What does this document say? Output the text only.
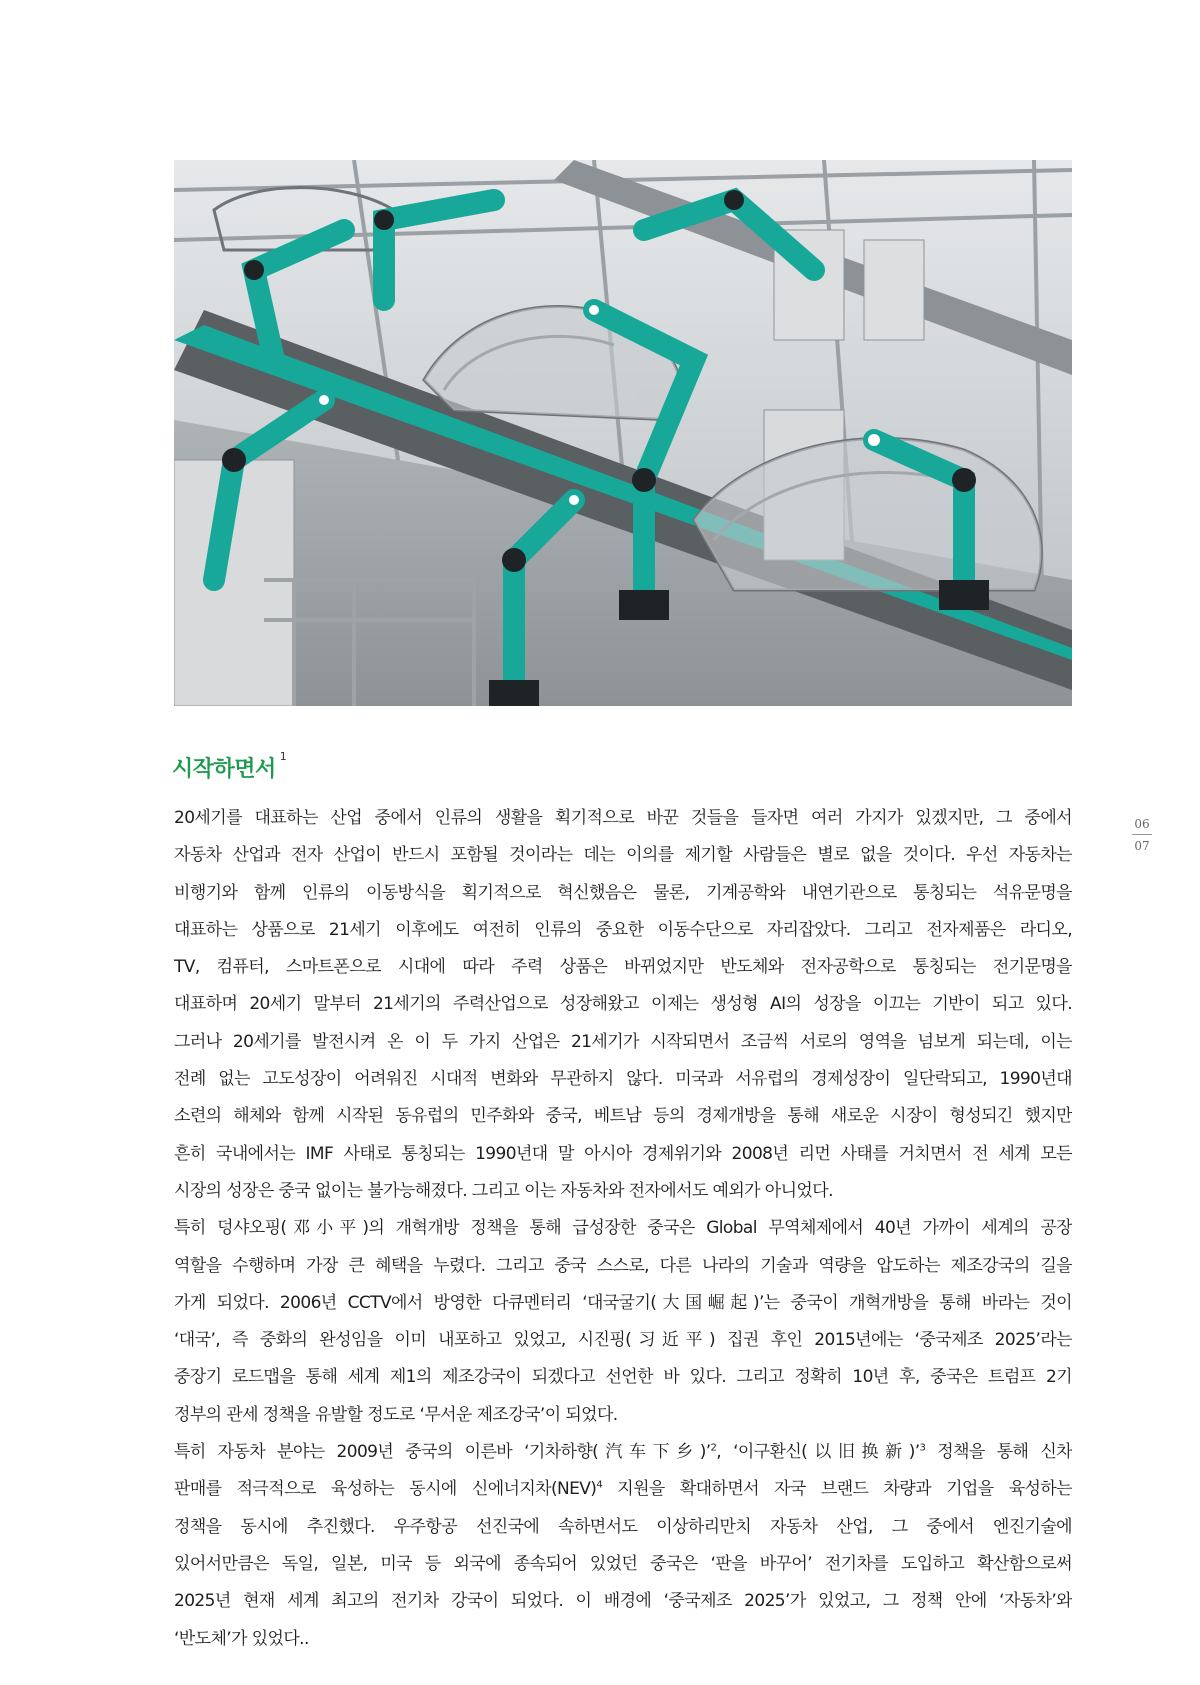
시작하면서$^1$
06
07

20세기를 대표하는 산업 중에서 인류의 생활을 획기적으로 바꾼 것들을 들자면 여러 가지가 있겠지만, 그 중에서

자동차 산업과 전자 산업이 반드시 포함될 것이라는 데는 이의를 제기할 사람들은 별로 없을 것이다. 우선 자동차는

비행기와 함께 인류의 이동방식을 획기적으로 혁신했음은 물론, 기계공학와 내연기관으로 통칭되는 석유문명을

대표하는 상품으로 21세기 이후에도 여전히 인류의 중요한 이동수단으로 자리잡았다. 그리고 전자제품은 라디오,

TV, 컴퓨터, 스마트폰으로 시대에 따라 주력 상품은 바뀌었지만 반도체와 전자공학으로 통칭되는 전기문명을

대표하며 20세기 말부터 21세기의 주력산업으로 성장해왔고 이제는 생성형 AI의 성장을 이끄는 기반이 되고 있다.

그러나 20세기를 발전시켜 온 이 두 가지 산업은 21세기가 시작되면서 조금씩 서로의 영역을 넘보게 되는데, 이는

전례 없는 고도성장이 어려워진 시대적 변화와 무관하지 않다. 미국과 서유럽의 경제성장이 일단락되고, 1990년대

소련의 해체와 함께 시작된 동유럽의 민주화와 중국, 베트남 등의 경제개방을 통해 새로운 시장이 형성되긴 했지만

흔히 국내에서는 IMF 사태로 통칭되는 1990년대 말 아시아 경제위기와 2008년 리먼 사태를 거치면서 전 세계 모든

시장의 성장은 중국 없이는 불가능해졌다. 그리고 이는 자동차와 전자에서도 예외가 아니었다.

특히 덩샤오핑(邓小平)의 개혁개방 정책을 통해 급성장한 중국은 Global 무역체제에서 40년 가까이 세계의 공장

역할을 수행하며 가장 큰 혜택을 누렸다. 그리고 중국 스스로, 다른 나라의 기술과 역량을 압도하는 제조강국의 길을

가게 되었다. 2006년 CCTV에서 방영한 다큐멘터리 ‘대국굴기(大国崛起)’는 중국이 개혁개방을 통해 바라는 것이

‘대국’, 즉 중화의 완성임을 이미 내포하고 있었고, 시진핑(习近平) 집권 후인 2015년에는 ‘중국제조 2025’라는

중장기 로드맵을 통해 세계 제1의 제조강국이 되겠다고 선언한 바 있다. 그리고 정확히 10년 후, 중국은 트럼프 2기

정부의 관세 정책을 유발할 정도로 ‘무서운 제조강국’이 되었다.

특히 자동차 분야는 2009년 중국의 이른바 ‘기차하향(汽车下乡)’$^2$, ‘이구환신(以旧换新)’$^3$ 정책을 통해 신차

판매를 적극적으로 육성하는 동시에 신에너지차(NEV)$^4$ 지원을 확대하면서 자국 브랜드 차량과 기업을 육성하는

정책을 동시에 추진했다. 우주항공 선진국에 속하면서도 이상하리만치 자동차 산업, 그 중에서 엔진기술에

있어서만큼은 독일, 일본, 미국 등 외국에 종속되어 있었던 중국은 ‘판을 바꾸어’ 전기차를 도입하고 확산함으로써

2025년 현재 세계 최고의 전기차 강국이 되었다. 이 배경에 ‘중국제조 2025’가 있었고, 그 정책 안에 ‘자동차’와

‘반도체’가 있었다..
